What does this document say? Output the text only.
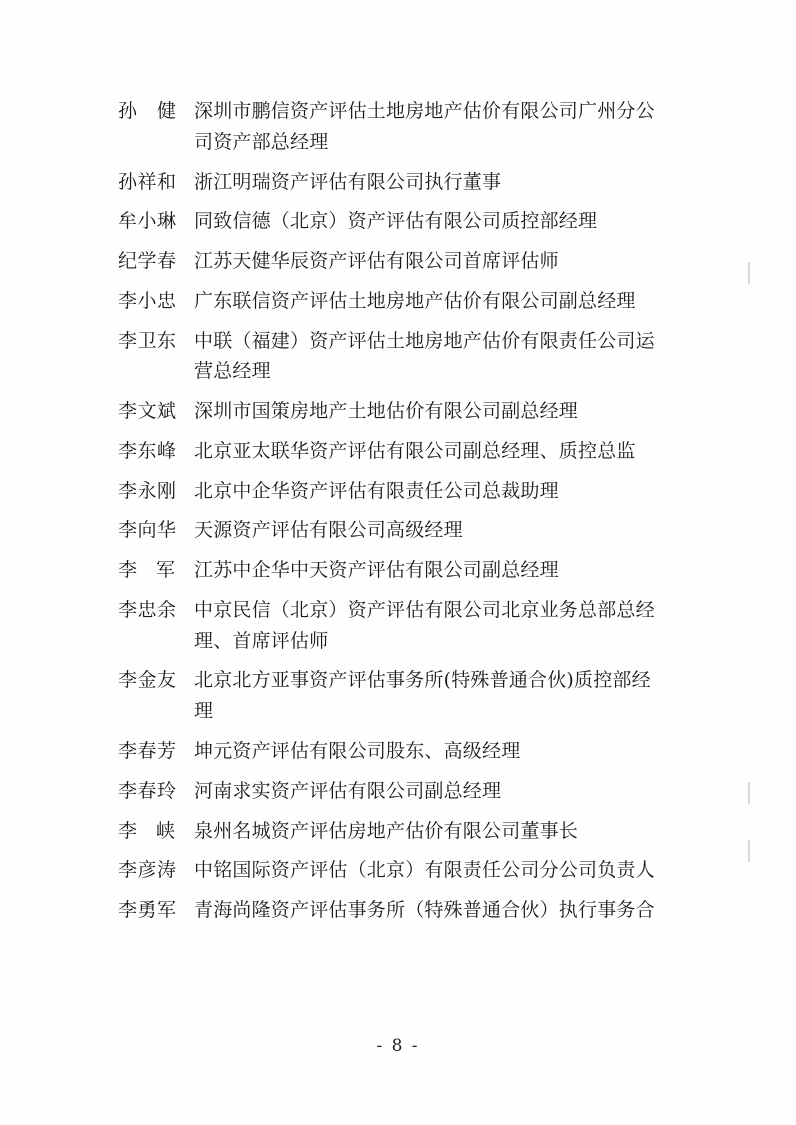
孙　健 深圳市鹏信资产评估土地房地产估价有限公司广州分公
司资产部总经理
孙祥和 浙江明瑞资产评估有限公司执行董事
牟小琳 同致信德（北京）资产评估有限公司质控部经理
纪学春 江苏天健华辰资产评估有限公司首席评估师
李小忠 广东联信资产评估土地房地产估价有限公司副总经理
李卫东 中联（福建）资产评估土地房地产估价有限责任公司运
营总经理
李文斌 深圳市国策房地产土地估价有限公司副总经理
李东峰 北京亚太联华资产评估有限公司副总经理、质控总监
李永刚 北京中企华资产评估有限责任公司总裁助理
李向华 天源资产评估有限公司高级经理
李　军 江苏中企华中天资产评估有限公司副总经理
李忠余 中京民信（北京）资产评估有限公司北京业务总部总经
理、首席评估师
李金友 北京北方亚事资产评估事务所(特殊普通合伙)质控部经
理
李春芳 坤元资产评估有限公司股东、高级经理
李春玲 河南求实资产评估有限公司副总经理
李　峡 泉州名城资产评估房地产估价有限公司董事长
李彦涛 中铭国际资产评估（北京）有限责任公司分公司负责人
李勇军 青海尚隆资产评估事务所（特殊普通合伙）执行事务合
- 8 -
